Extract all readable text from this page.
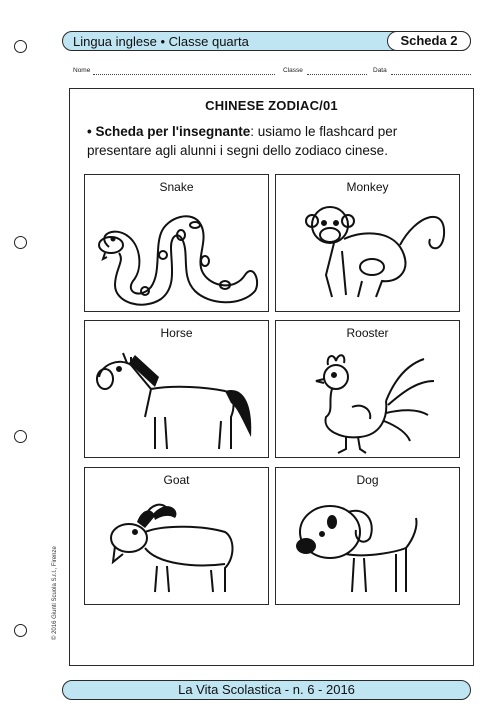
Lingua inglese • Classe quarta	Scheda 2
Nome	Classe	Data
CHINESE ZODIAC/01
• Scheda per l'insegnante: usiamo le flashcard per presentare agli alunni i segni dello zodiaco cinese.
Snake	Monkey
Horse	Rooster
Goat	Dog
© 2016 Giunti Scuola S.r.l., Firenze
La Vita Scolastica - n. 6 - 2016
